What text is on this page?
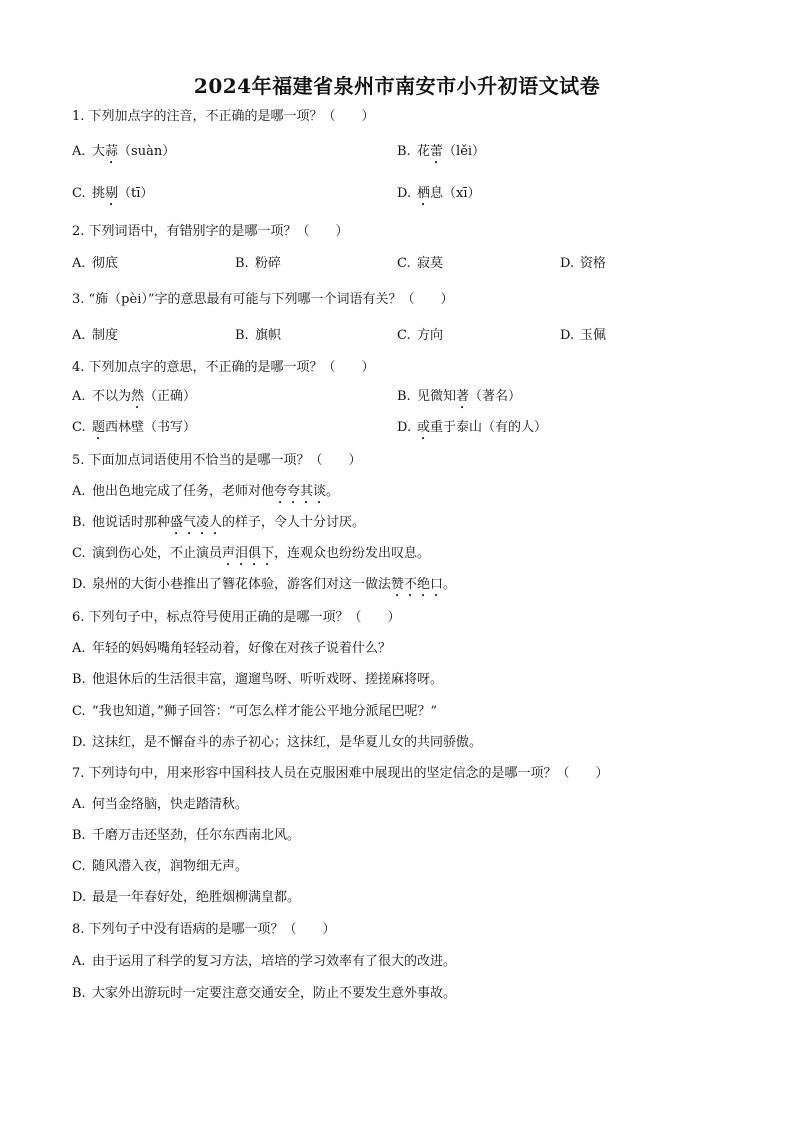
2024年福建省泉州市南安市小升初语文试卷
1. 下列加点字的注音，不正确的是哪一项？（　　）
A. 大蒜（suàn）	B. 花蕾（lěi）
C. 挑剔（tī）	D. 栖息（xī）
2. 下列词语中，有错别字的是哪一项？（　　）
A. 彻底	B. 粉碎	C. 寂莫	D. 资格
3. “旆（pèi）”字的意思最有可能与下列哪一个词语有关？（　　）
A. 制度	B. 旗帜	C. 方向	D. 玉佩
4. 下列加点字的意思，不正确的是哪一项？（　　）
A. 不以为然（正确）	B. 见微知著（著名）
C. 题西林壁（书写）	D. 或重于泰山（有的人）
5. 下面加点词语使用不恰当的是哪一项？（　　）
A. 他出色地完成了任务，老师对他夸夸其谈。
B. 他说话时那种盛气凌人的样子，令人十分讨厌。
C. 演到伤心处，不止演员声泪俱下，连观众也纷纷发出叹息。
D. 泉州的大街小巷推出了簪花体验，游客们对这一做法赞不绝口。
6. 下列句子中，标点符号使用正确的是哪一项？（　　）
A. 年轻的妈妈嘴角轻轻动着，好像在对孩子说着什么？
B. 他退休后的生活很丰富，遛遛鸟呀、听听戏呀、搓搓麻将呀。
C. “我也知道，”狮子回答：“可怎么样才能公平地分派尾巴呢？”
D. 这抹红，是不懈奋斗的赤子初心；这抹红，是华夏儿女的共同骄傲。
7. 下列诗句中，用来形容中国科技人员在克服困难中展现出的坚定信念的是哪一项？（　　）
A. 何当金络脑，快走踏清秋。
B. 千磨万击还坚劲，任尔东西南北风。
C. 随风潜入夜，润物细无声。
D. 最是一年春好处，绝胜烟柳满皇都。
8. 下列句子中没有语病的是哪一项？（　　）
A. 由于运用了科学的复习方法，培培的学习效率有了很大的改进。
B. 大家外出游玩时一定要注意交通安全，防止不要发生意外事故。
